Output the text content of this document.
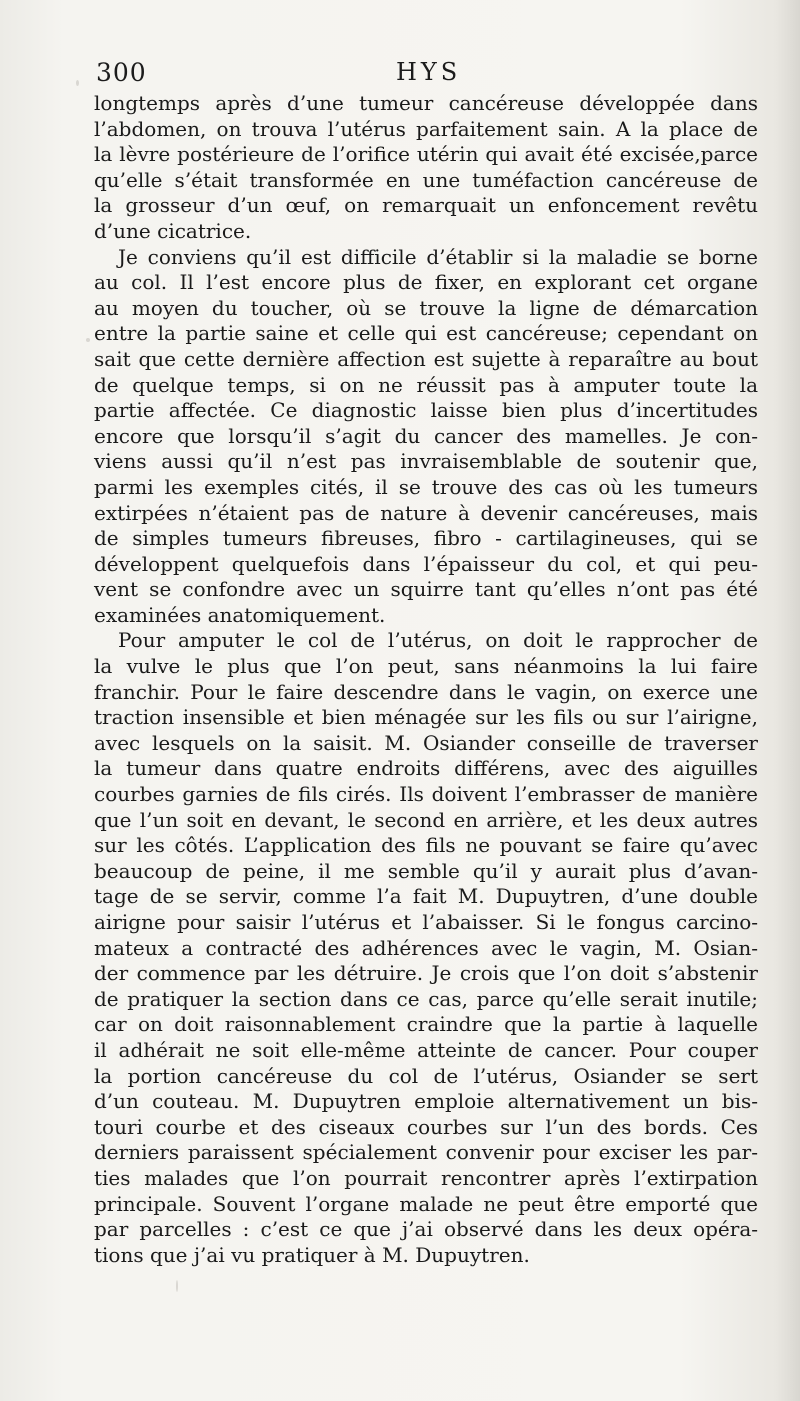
300	HYS
longtemps après d’une tumeur cancéreuse développée dans
l’abdomen, on trouva l’utérus parfaitement sain. A la place de
la lèvre postérieure de l’orifice utérin qui avait été excisée,parce
qu’elle s’était transformée en une tuméfaction cancéreuse de
la grosseur d’un œuf, on remarquait un enfoncement revêtu
d’une cicatrice.
Je conviens qu’il est difficile d’établir si la maladie se borne
au col. Il l’est encore plus de fixer, en explorant cet organe
au moyen du toucher, où se trouve la ligne de démarcation
entre la partie saine et celle qui est cancéreuse; cependant on
sait que cette dernière affection est sujette à reparaître au bout
de quelque temps, si on ne réussit pas à amputer toute la
partie affectée. Ce diagnostic laisse bien plus d’incertitudes
encore que lorsqu’il s’agit du cancer des mamelles. Je con-
viens aussi qu’il n’est pas invraisemblable de soutenir que,
parmi les exemples cités, il se trouve des cas où les tumeurs
extirpées n’étaient pas de nature à devenir cancéreuses, mais
de simples tumeurs fibreuses, fibro - cartilagineuses, qui se
développent quelquefois dans l’épaisseur du col, et qui peu-
vent se confondre avec un squirre tant qu’elles n’ont pas été
examinées anatomiquement.
Pour amputer le col de l’utérus, on doit le rapprocher de
la vulve le plus que l’on peut, sans néanmoins la lui faire
franchir. Pour le faire descendre dans le vagin, on exerce une
traction insensible et bien ménagée sur les fils ou sur l’airigne,
avec lesquels on la saisit. M. Osiander conseille de traverser
la tumeur dans quatre endroits différens, avec des aiguilles
courbes garnies de fils cirés. Ils doivent l’embrasser de manière
que l’un soit en devant, le second en arrière, et les deux autres
sur les côtés. L’application des fils ne pouvant se faire qu’avec
beaucoup de peine, il me semble qu’il y aurait plus d’avan-
tage de se servir, comme l’a fait M. Dupuytren, d’une double
airigne pour saisir l’utérus et l’abaisser. Si le fongus carcino-
mateux a contracté des adhérences avec le vagin, M. Osian-
der commence par les détruire. Je crois que l’on doit s’abstenir
de pratiquer la section dans ce cas, parce qu’elle serait inutile;
car on doit raisonnablement craindre que la partie à laquelle
il adhérait ne soit elle-même atteinte de cancer. Pour couper
la portion cancéreuse du col de l’utérus, Osiander se sert
d’un couteau. M. Dupuytren emploie alternativement un bis-
touri courbe et des ciseaux courbes sur l’un des bords. Ces
derniers paraissent spécialement convenir pour exciser les par-
ties malades que l’on pourrait rencontrer après l’extirpation
principale. Souvent l’organe malade ne peut être emporté que
par parcelles : c’est ce que j’ai observé dans les deux opéra-
tions que j’ai vu pratiquer à M. Dupuytren.
